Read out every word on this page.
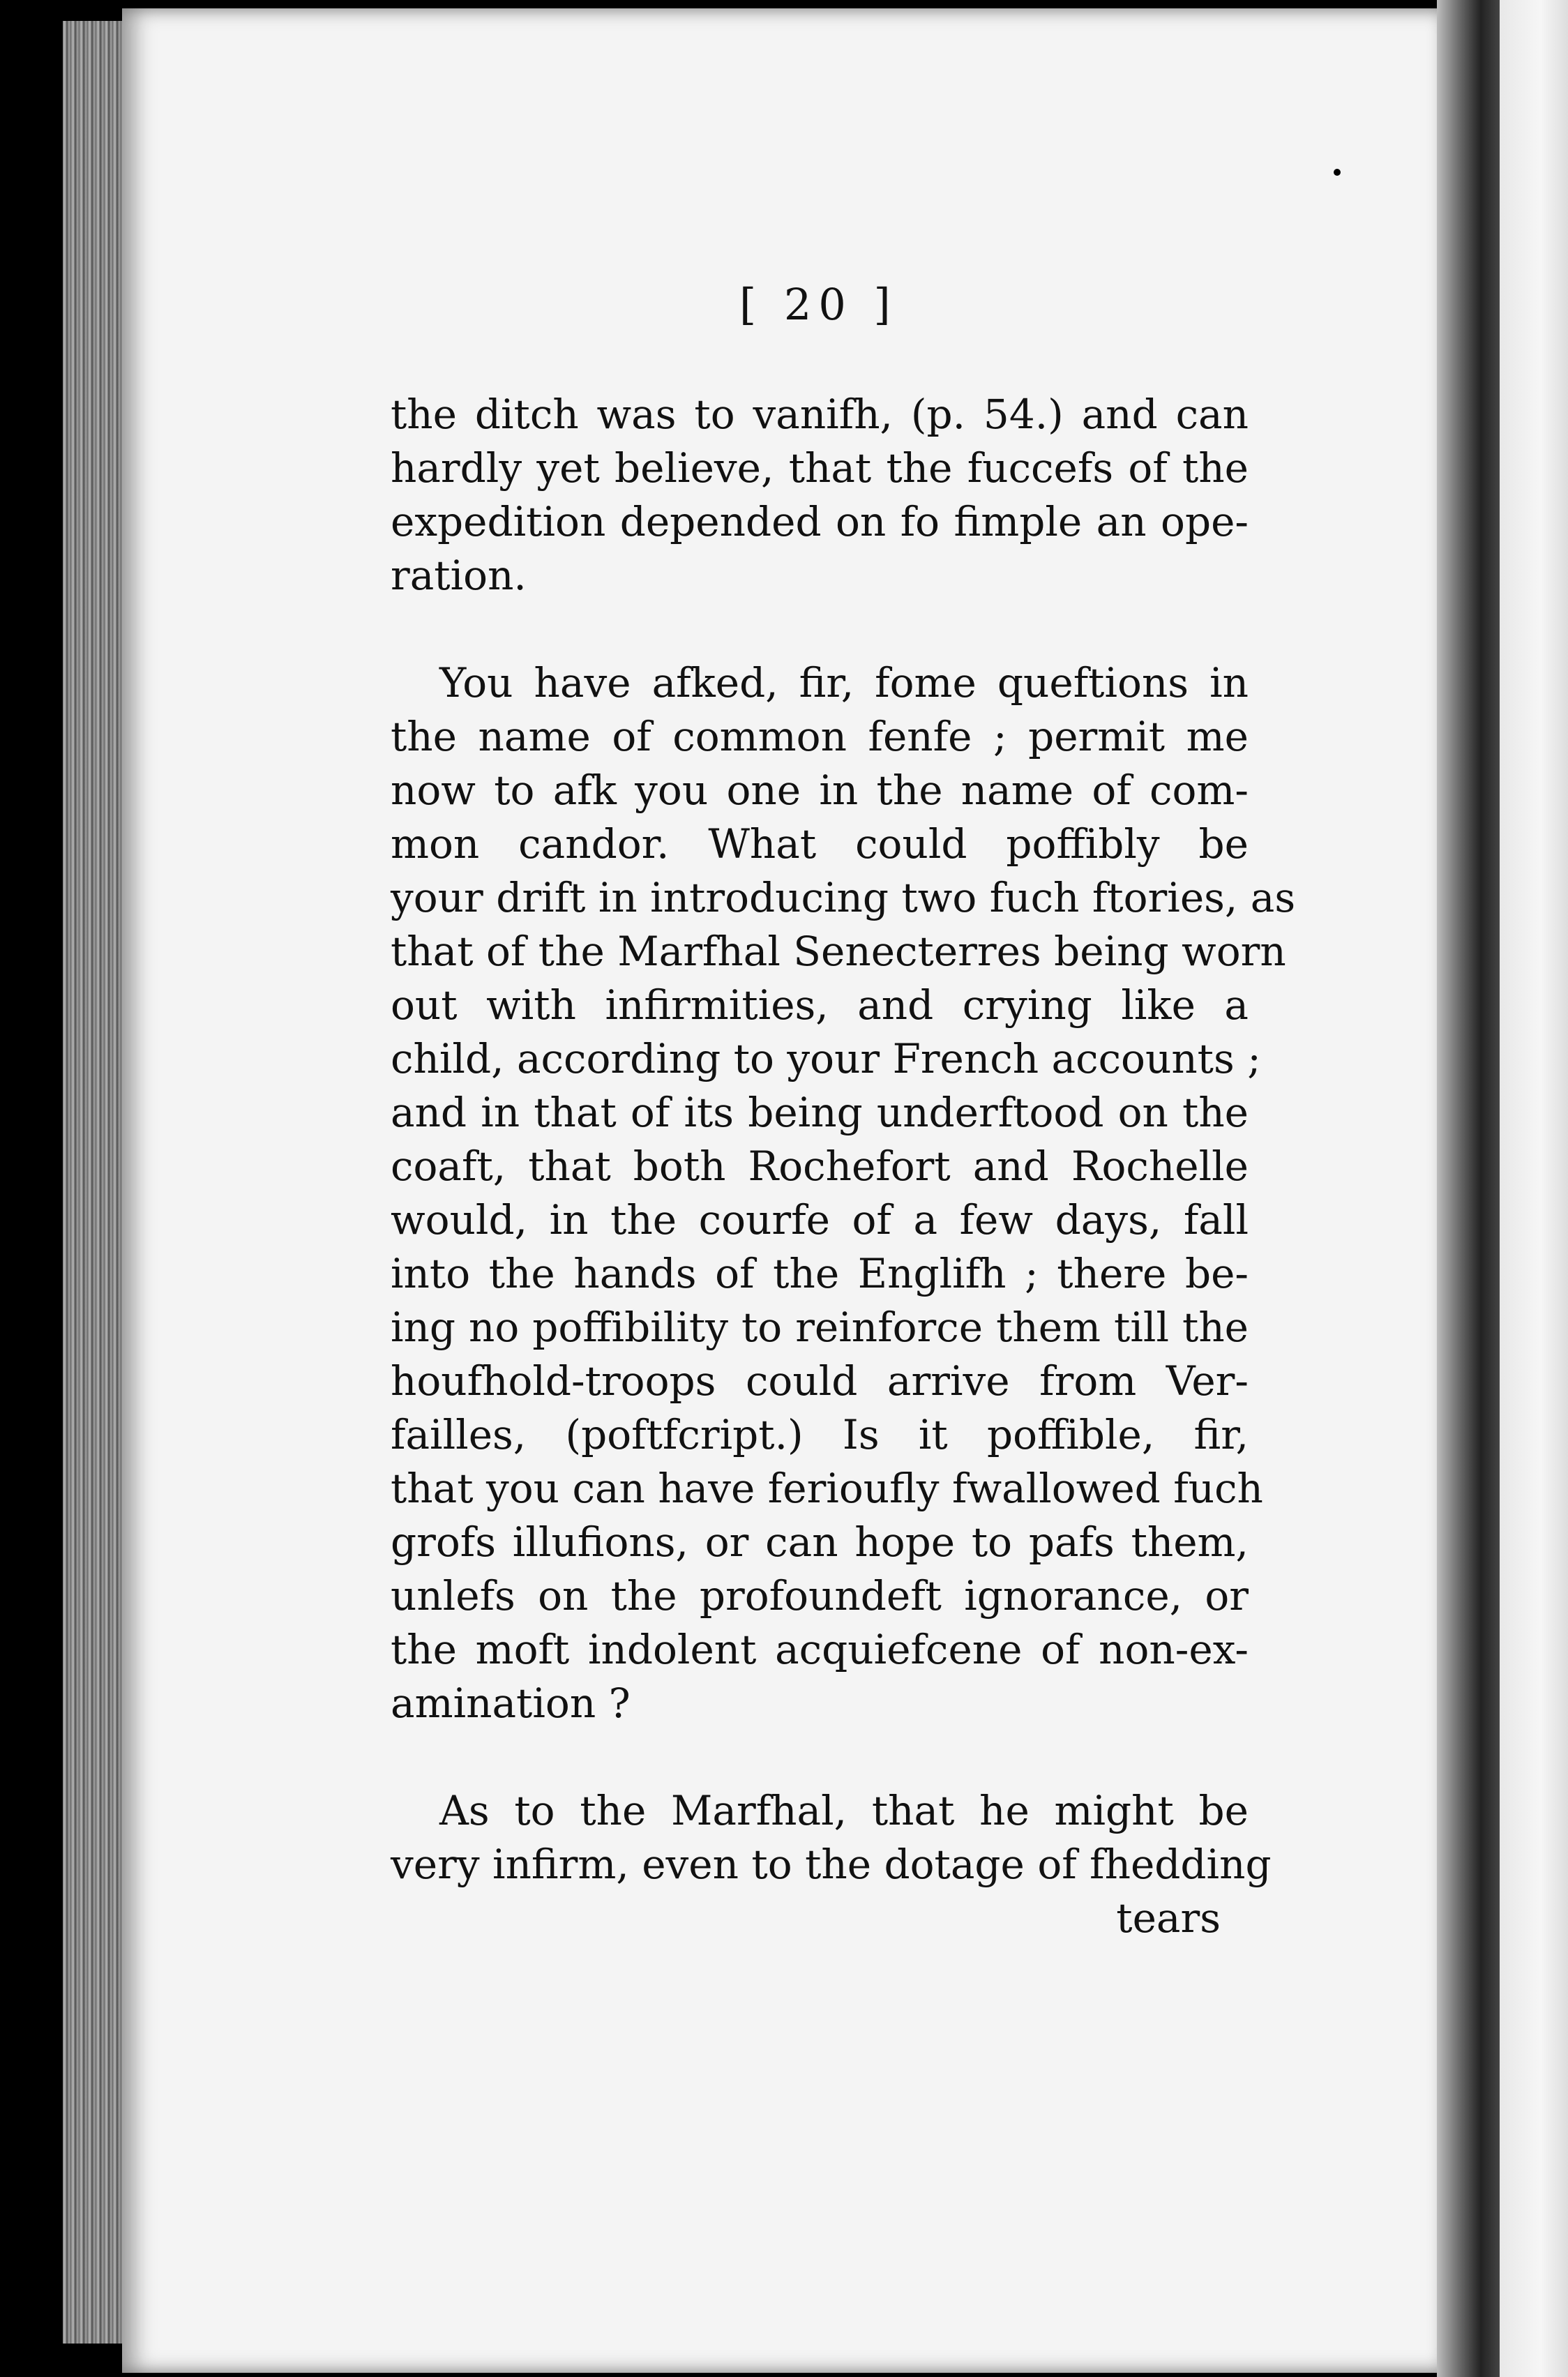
[ 20 ]
the ditch was to vanifh, (p. 54.) and can
hardly yet believe, that the fuccefs of the
expedition depended on fo fimple an ope-
ration.
You have afked, fir, fome queftions in
the name of common fenfe ; permit me
now to afk you one in the name of com-
mon candor. What could poffibly be
your drift in introducing two fuch ftories, as
that of the Marfhal Senecterres being worn
out with infirmities, and crying like a
child, according to your French accounts ;
and in that of its being underftood on the
coaft, that both Rochefort and Rochelle
would, in the courfe of a few days, fall
into the hands of the Englifh ; there be-
ing no poffibility to reinforce them till the
houfhold-troops could arrive from Ver-
failles, (poftfcript.) Is it poffible, fir,
that you can have ferioufly fwallowed fuch
grofs illufions, or can hope to pafs them,
unlefs on the profoundeft ignorance, or
the moft indolent acquiefcene of non-ex-
amination ?
As to the Marfhal, that he might be
very infirm, even to the dotage of fhedding
tears
